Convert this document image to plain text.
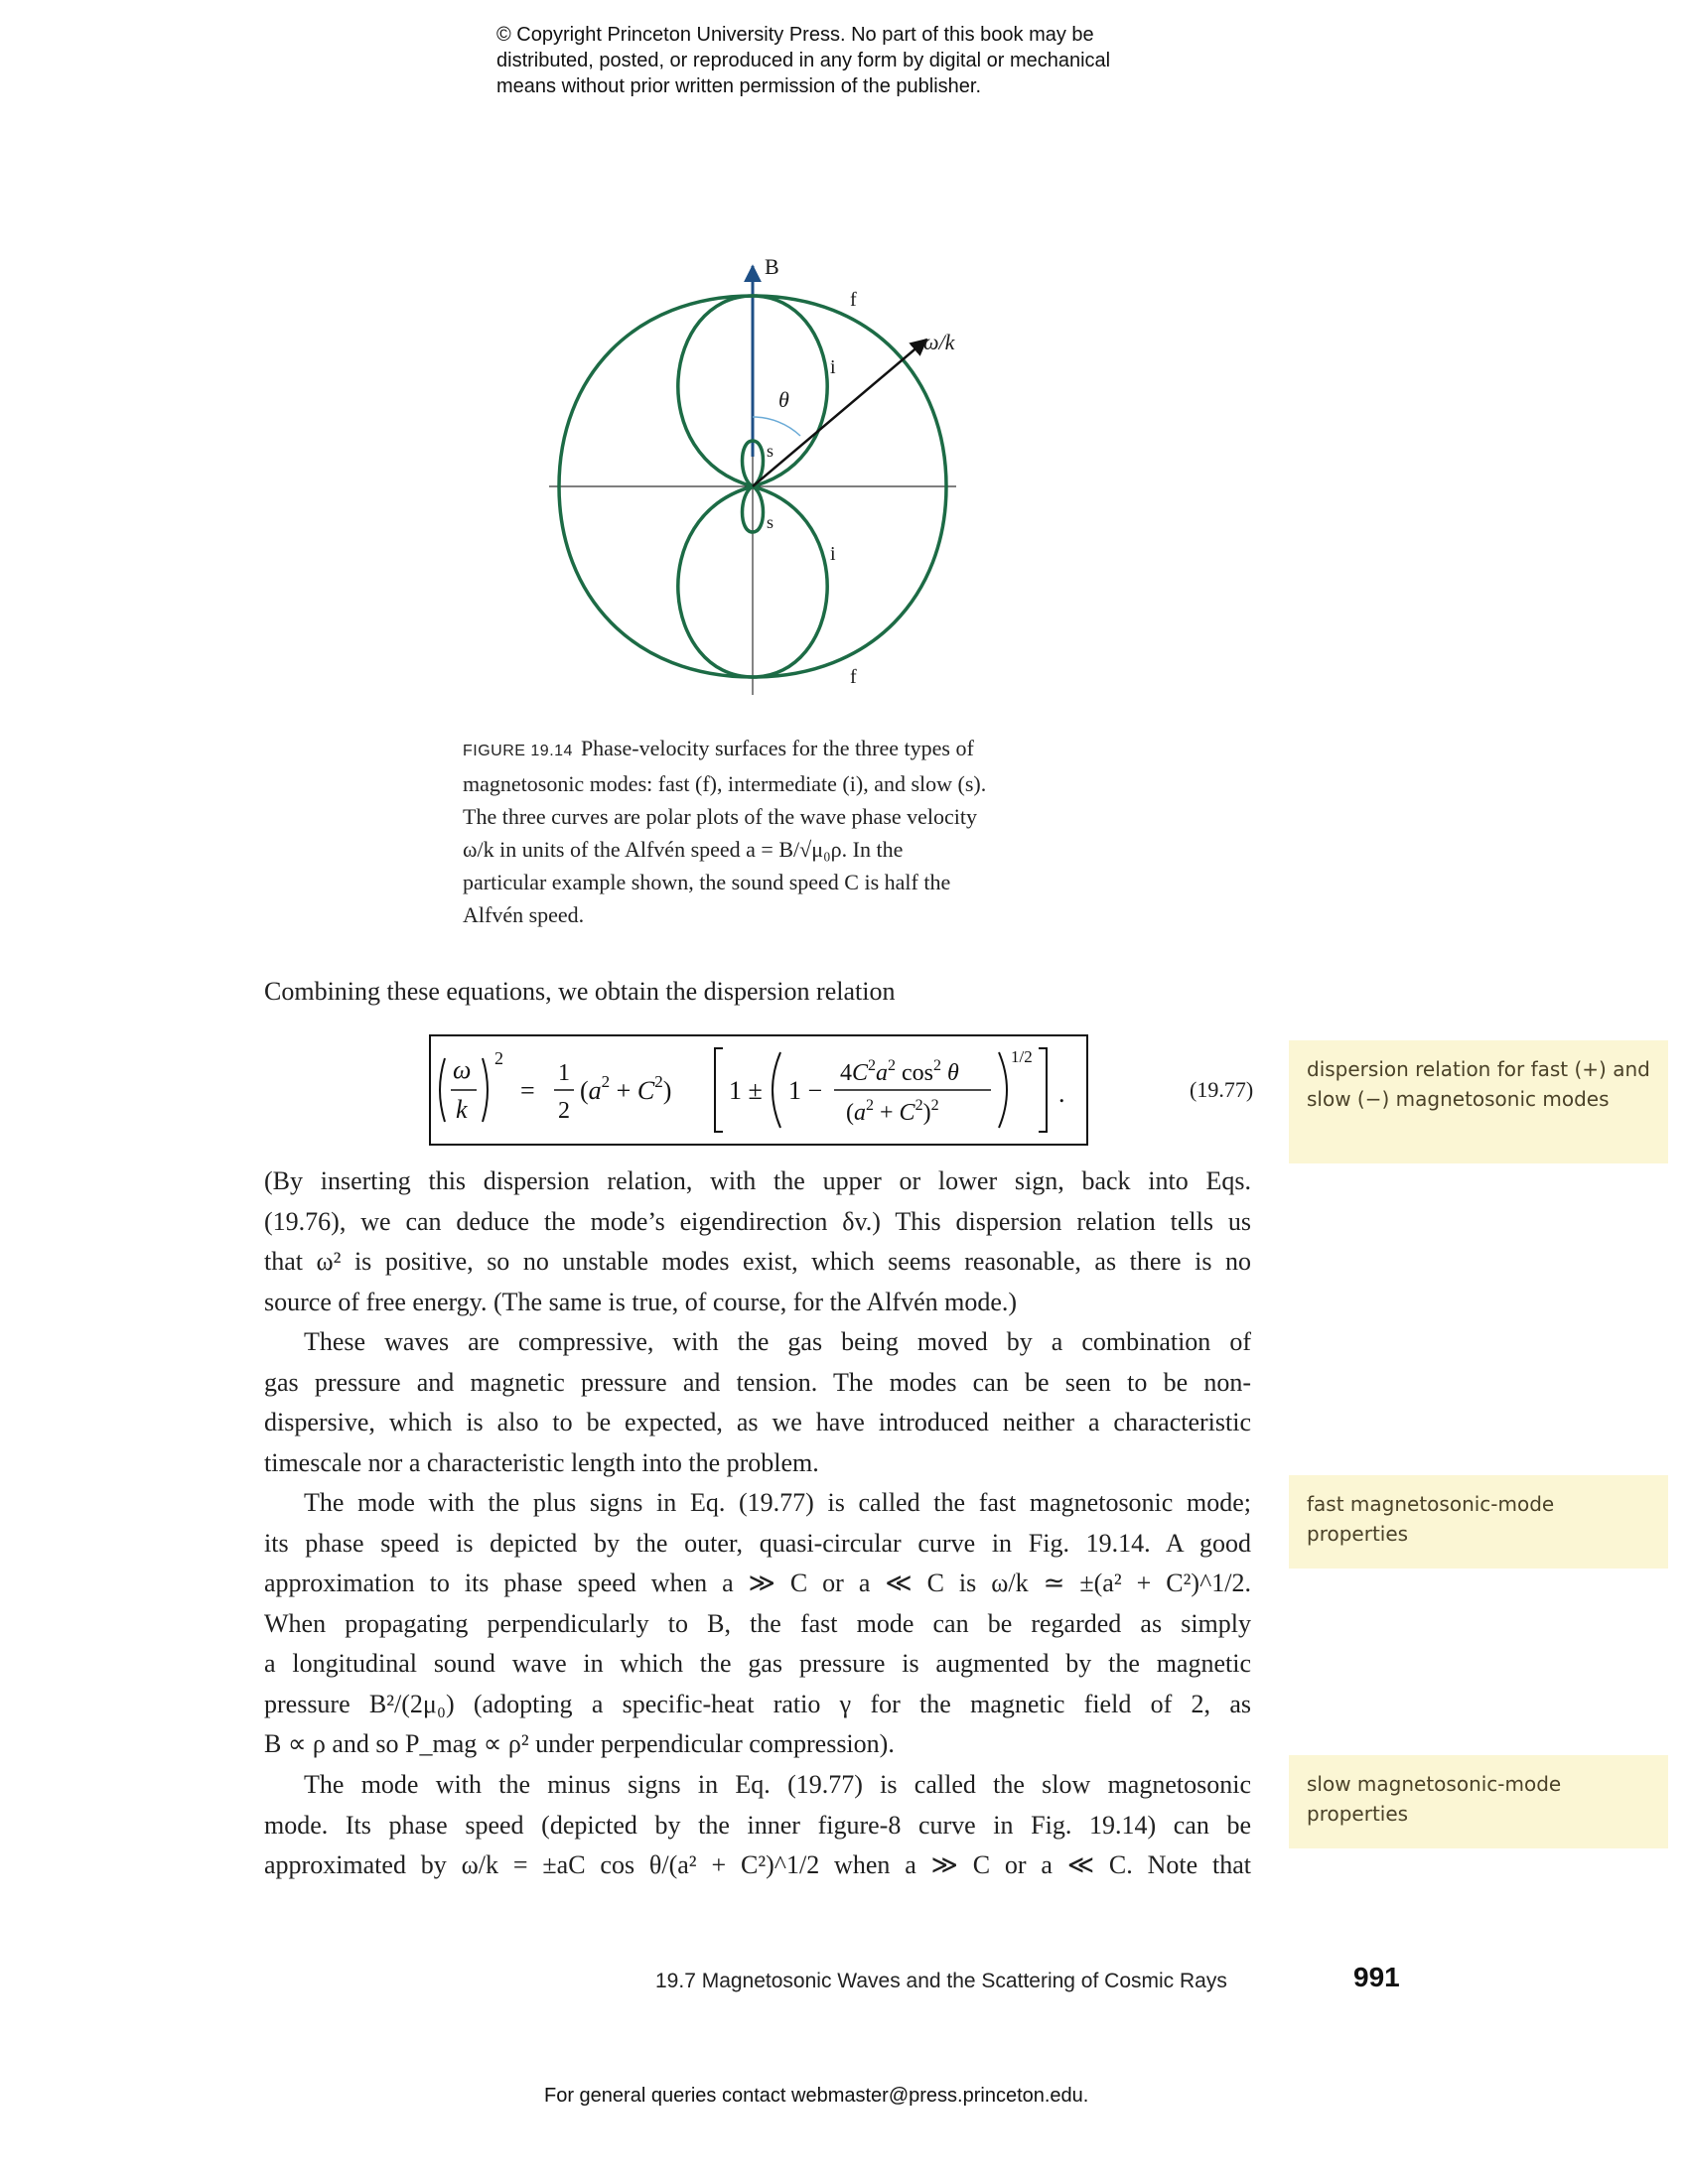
© Copyright Princeton University Press. No part of this book may be
distributed, posted, or reproduced in any form by digital or mechanical
means without prior written permission of the publisher.
B
ω/k
θ
f
f
i
i
s
s
FIGURE 19.14 Phase-velocity surfaces for the three types of
magnetosonic modes: fast (f), intermediate (i), and slow (s).
The three curves are polar plots of the wave phase velocity
ω/k in units of the Alfvén speed a = B/√μ₀ρ. In the
particular example shown, the sound speed C is half the
Alfvén speed.
Combining these equations, we obtain the dispersion relation
ω
k
2
=
1
2
$(a^2 + C^2) 1 \pm 1$ −
$4C^2a^2$ $\cos^2 \theta$
$(a^2 + C^2)^2$
1/2
.	(19.77)
(By inserting this dispersion relation, with the upper or lower sign, back into Eqs.
(19.76), we can deduce the mode’s eigendirection δv.) This dispersion relation tells us
that ω² is positive, so no unstable modes exist, which seems reasonable, as there is no
source of free energy. (The same is true, of course, for the Alfvén mode.)
These waves are compressive, with the gas being moved by a combination of
gas pressure and magnetic pressure and tension. The modes can be seen to be non-
dispersive, which is also to be expected, as we have introduced neither a characteristic
timescale nor a characteristic length into the problem.
The mode with the plus signs in Eq. (19.77) is called the fast magnetosonic mode;
its phase speed is depicted by the outer, quasi-circular curve in Fig. 19.14. A good
approximation to its phase speed when a ≫ C or a ≪ C is ω/k ≃ ±(a² + C²)^1/2.
When propagating perpendicularly to B, the fast mode can be regarded as simply
a longitudinal sound wave in which the gas pressure is augmented by the magnetic
pressure B²/(2μ₀) (adopting a specific-heat ratio γ for the magnetic field of 2, as
B ∝ ρ and so P_mag ∝ ρ² under perpendicular compression).
The mode with the minus signs in Eq. (19.77) is called the slow magnetosonic
mode. Its phase speed (depicted by the inner figure-8 curve in Fig. 19.14) can be
approximated by ω/k = ±aC cos θ/(a² + C²)^1/2 when a ≫ C or a ≪ C. Note that
dispersion relation for fast (+) and slow (−) magnetosonic modes
fast magnetosonic-mode properties
slow magnetosonic-mode properties
19.7 Magnetosonic Waves and the Scattering of Cosmic Rays	991
For general queries contact webmaster@press.princeton.edu.
